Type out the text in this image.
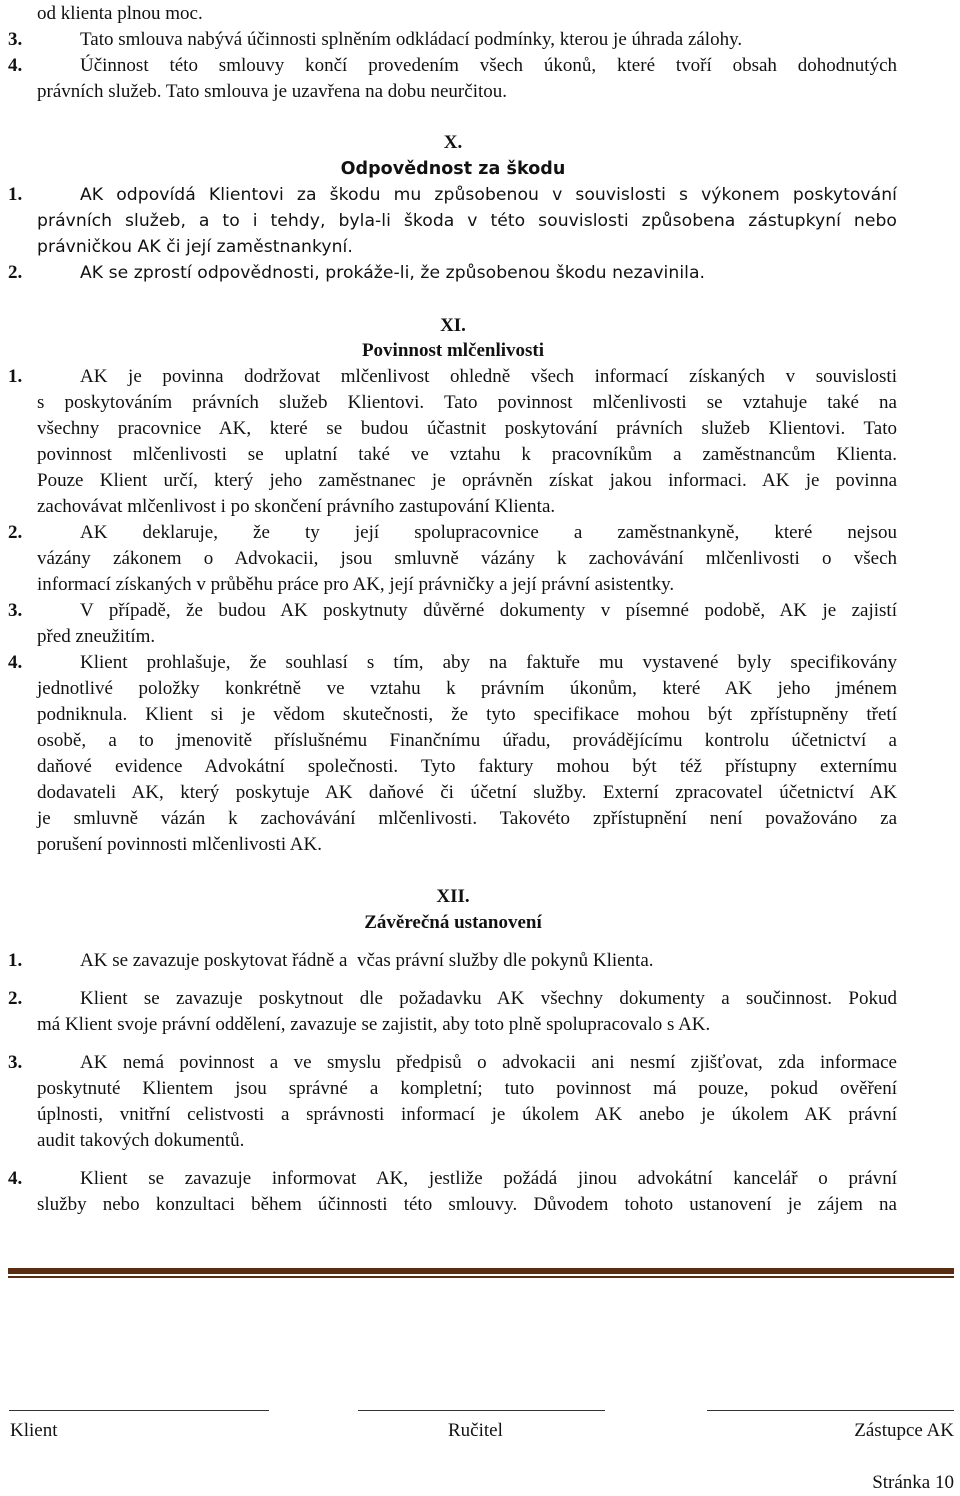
od klienta plnou moc.
3.	Tato smlouva nabývá účinnosti splněním odkládací podmínky, kterou je úhrada zálohy.
4.	Účinnost této smlouvy končí provedením všech úkonů, které tvoří obsah dohodnutých
právních služeb. Tato smlouva je uzavřena na dobu neurčitou.
X.
Odpovědnost za škodu
1.	AK odpovídá Klientovi za škodu mu způsobenou v souvislosti s výkonem poskytování
právních služeb, a to i tehdy, byla-li škoda v této souvislosti způsobena zástupkyní nebo
právničkou AK či její zaměstnankyní.
2.	AK se zprostí odpovědnosti, prokáže-li, že způsobenou škodu nezavinila.
XI.
Povinnost mlčenlivosti
1.	AK je povinna dodržovat mlčenlivost ohledně všech informací získaných v souvislosti
s poskytováním právních služeb Klientovi. Tato povinnost mlčenlivosti se vztahuje také na
všechny pracovnice AK, které se budou účastnit poskytování právních služeb Klientovi. Tato
povinnost mlčenlivosti se uplatní také ve vztahu k pracovníkům a zaměstnancům Klienta.
Pouze Klient určí, který jeho zaměstnanec je oprávněn získat jakou informaci. AK je povinna
zachovávat mlčenlivost i po skončení právního zastupování Klienta.
2.	AK deklaruje, že ty její spolupracovnice a zaměstnankyně, které nejsou
vázány zákonem o Advokacii, jsou smluvně vázány k zachovávání mlčenlivosti o všech
informací získaných v průběhu práce pro AK, její právničky a její právní asistentky.
3.	V případě, že budou AK poskytnuty důvěrné dokumenty v písemné podobě, AK je zajistí
před zneužitím.
4.	Klient prohlašuje, že souhlasí s tím, aby na faktuře mu vystavené byly specifikovány
jednotlivé položky konkrétně ve vztahu k právním úkonům, které AK jeho jménem
podniknula. Klient si je vědom skutečnosti, že tyto specifikace mohou být zpřístupněny třetí
osobě, a to jmenovitě příslušnému Finančnímu úřadu, provádějícímu kontrolu účetnictví a
daňové evidence Advokátní společnosti. Tyto faktury mohou být též přístupny externímu
dodavateli AK, který poskytuje AK daňové či účetní služby. Externí zpracovatel účetnictví AK
je smluvně vázán k zachovávání mlčenlivosti. Takovéto zpřístupnění není považováno za
porušení povinnosti mlčenlivosti AK.
XII.
Závěrečná ustanovení
1.	AK se zavazuje poskytovat řádně a  včas právní služby dle pokynů Klienta.
2.	Klient se zavazuje poskytnout dle požadavku AK všechny dokumenty a součinnost. Pokud
má Klient svoje právní oddělení, zavazuje se zajistit, aby toto plně spolupracovalo s AK.
3.	AK nemá povinnost a ve smyslu předpisů o advokacii ani nesmí zjišťovat, zda informace
poskytnuté Klientem jsou správné a kompletní; tuto povinnost má pouze, pokud ověření
úplnosti, vnitřní celistvosti a správnosti informací je úkolem AK anebo je úkolem AK právní
audit takových dokumentů.
4.	Klient se zavazuje informovat AK, jestliže požádá jinou advokátní kancelář o právní
služby nebo konzultaci během účinnosti této smlouvy. Důvodem tohoto ustanovení je zájem na
Klient	Ručitel	Zástupce AK
Stránka 10
